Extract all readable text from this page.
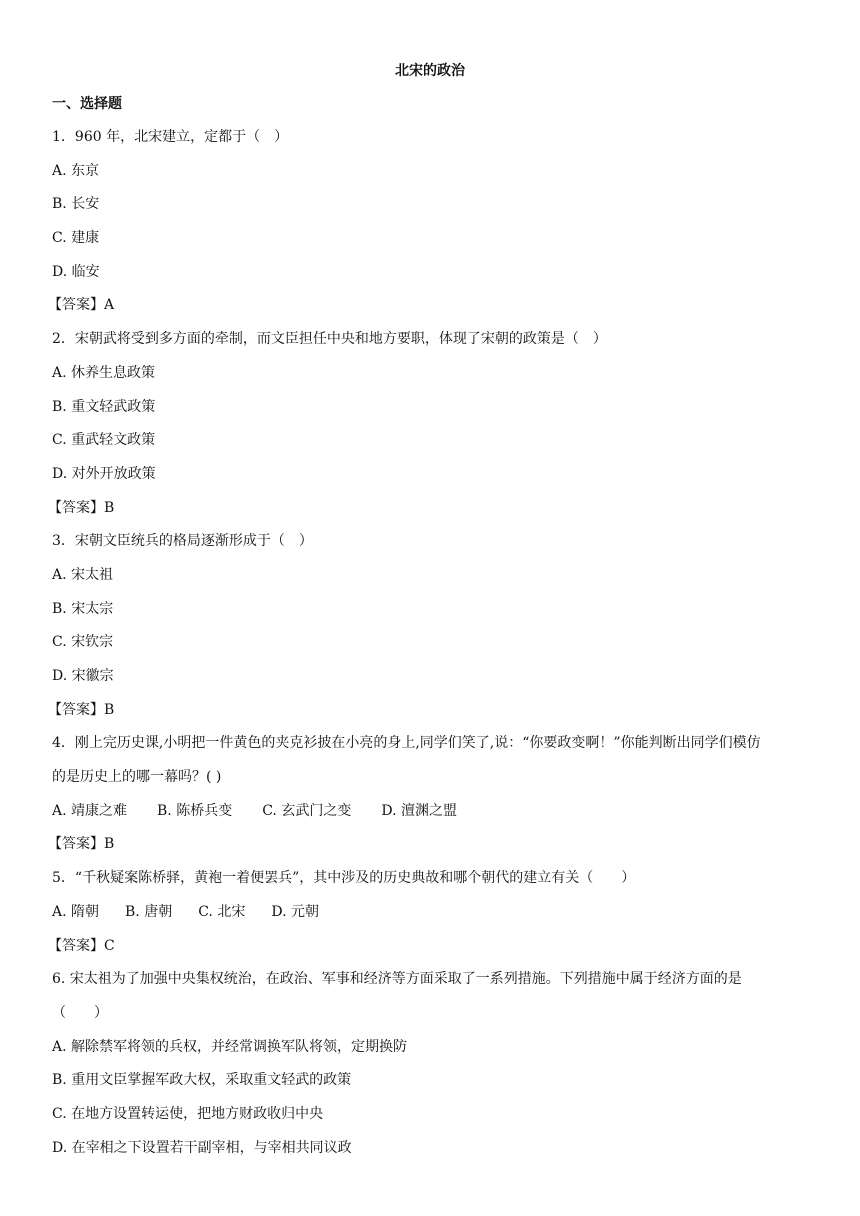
北宋的政治
一、选择题
1．960 年，北宋建立，定都于（　）
A. 东京
B. 长安
C. 建康
D. 临安
【答案】A
2．宋朝武将受到多方面的牵制，而文臣担任中央和地方要职，体现了宋朝的政策是（　）
A. 休养生息政策
B. 重文轻武政策
C. 重武轻文政策
D. 对外开放政策
【答案】B
3．宋朝文臣统兵的格局逐渐形成于（　）
A. 宋太祖
B. 宋太宗
C. 宋钦宗
D. 宋徽宗
【答案】B
4．刚上完历史课,小明把一件黄色的夹克衫披在小亮的身上,同学们笑了,说：“你要政变啊！”你能判断出同学们模仿
的是历史上的哪一幕吗？( )
A. 靖康之难 B. 陈桥兵变 C. 玄武门之变 D. 澶渊之盟
【答案】B
5．“千秋疑案陈桥驿，黄袍一着便罢兵”，其中涉及的历史典故和哪个朝代的建立有关（　　）
A. 隋朝 B. 唐朝 C. 北宋 D. 元朝
【答案】C
6. 宋太祖为了加强中央集权统治，在政治、军事和经济等方面采取了一系列措施。下列措施中属于经济方面的是
（　　）
A. 解除禁军将领的兵权，并经常调换军队将领，定期换防
B. 重用文臣掌握军政大权，采取重文轻武的政策
C. 在地方设置转运使，把地方财政收归中央
D. 在宰相之下设置若干副宰相，与宰相共同议政
